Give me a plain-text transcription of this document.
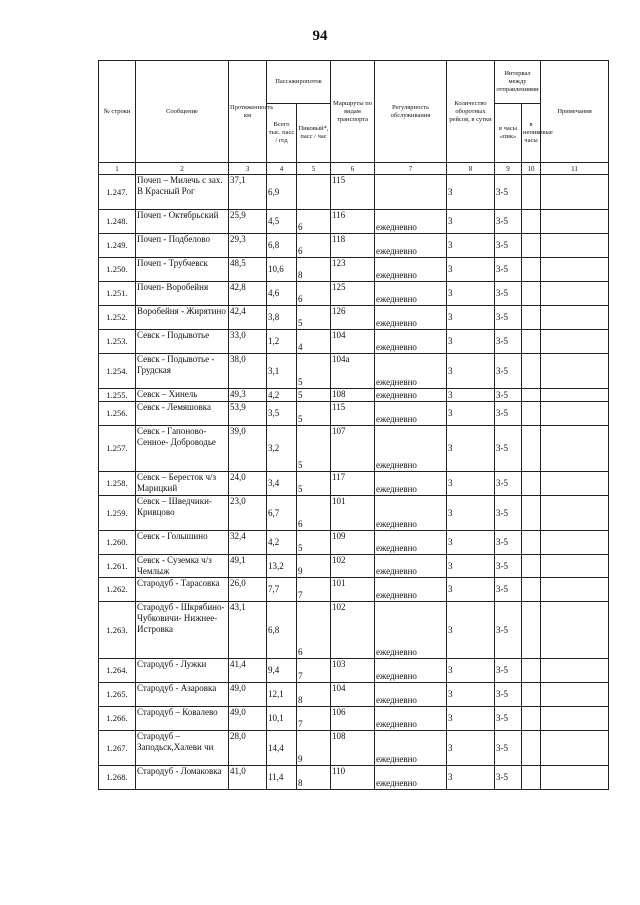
94
№ строки	Сообщение	Протяженность км	Пассажиропоток		Маршруты по видам транспорта	Регулярность обслуживания	Количество оборотных рейсов, в сутки	Интервал между отправлениями		Примечания
			Всего тыс. пасс / год	Пиковый*, пасс / час				в часы «пик»	в непиковые часы	
1	2	3	4	5	6	7	8	9	10	11
1.247.	Почеп – Милечь с зах. В Красный Рог	37,1	6,9		115		3	3-5		
1.248.	Почеп - Октябрьский	25,9	4,5	6	116	ежедневно	3	3-5		
1.249.	Почеп - Подбелово	29,3	6,8	6	118	ежедневно	3	3-5		
1.250.	Почеп - Трубчевск	48,5	10,6	8	123	ежедневно	3	3-5		
1.251.	Почеп- Воробейня	42,8	4,6	6	125	ежедневно	3	3-5		
1.252.	Воробейня - Жирятино	42,4	3,8	5	126	ежедневно	3	3-5		
1.253.	Севск - Подывотье	33,0	1,2	4	104	ежедневно	3	3-5		
1.254.	Севск - Подывотье - Грудская	38,0	3,1	5	104а	ежедневно	3	3-5		
1.255.	Севск – Хинель	49,3	4,2	5	108	ежедневно	3	3-5		
1.256.	Севск - Лемяшовка	53,9	3,5	5	115	ежедневно	3	3-5		
1.257.	Севск - Гапоново- Сенное- Доброводье	39,0	3,2	5	107	ежедневно	3	3-5		
1.258.	Севск – Бересток ч/з Марицкий	24,0	3,4	5	117	ежедневно	3	3-5		
1.259.	Севск – Шведчики- Кривцово	23,0	6,7	6	101	ежедневно	3	3-5		
1.260.	Севск - Голышино	32,4	4,2	5	109	ежедневно	3	3-5		
1.261.	Севск - Суземка ч/з Чемлыж	49,1	13,2	9	102	ежедневно	3	3-5		
1.262.	Стародуб - Тарасовка	26,0	7,7	7	101	ежедневно	3	3-5		
1.263.	Стародуб - Шкрябино- Чубковичи- Нижнее- Истровка	43,1	6,8	6	102	ежедневно	3	3-5		
1.264.	Стародуб - Лужки	41,4	9,4	7	103	ежедневно	3	3-5		
1.265.	Стародуб - Азаровка	49,0	12,1	8	104	ежедневно	3	3-5		
1.266.	Стародуб – Ковалево	49,0	10,1	7	106	ежедневно	3	3-5		
1.267.	Стародуб – Заподьск,Халеви чи	28,0	14,4	9	108	ежедневно	3	3-5		
1.268.	Стародуб - Ломаковка	41,0	11,4	8	110	ежедневно	3	3-5		
